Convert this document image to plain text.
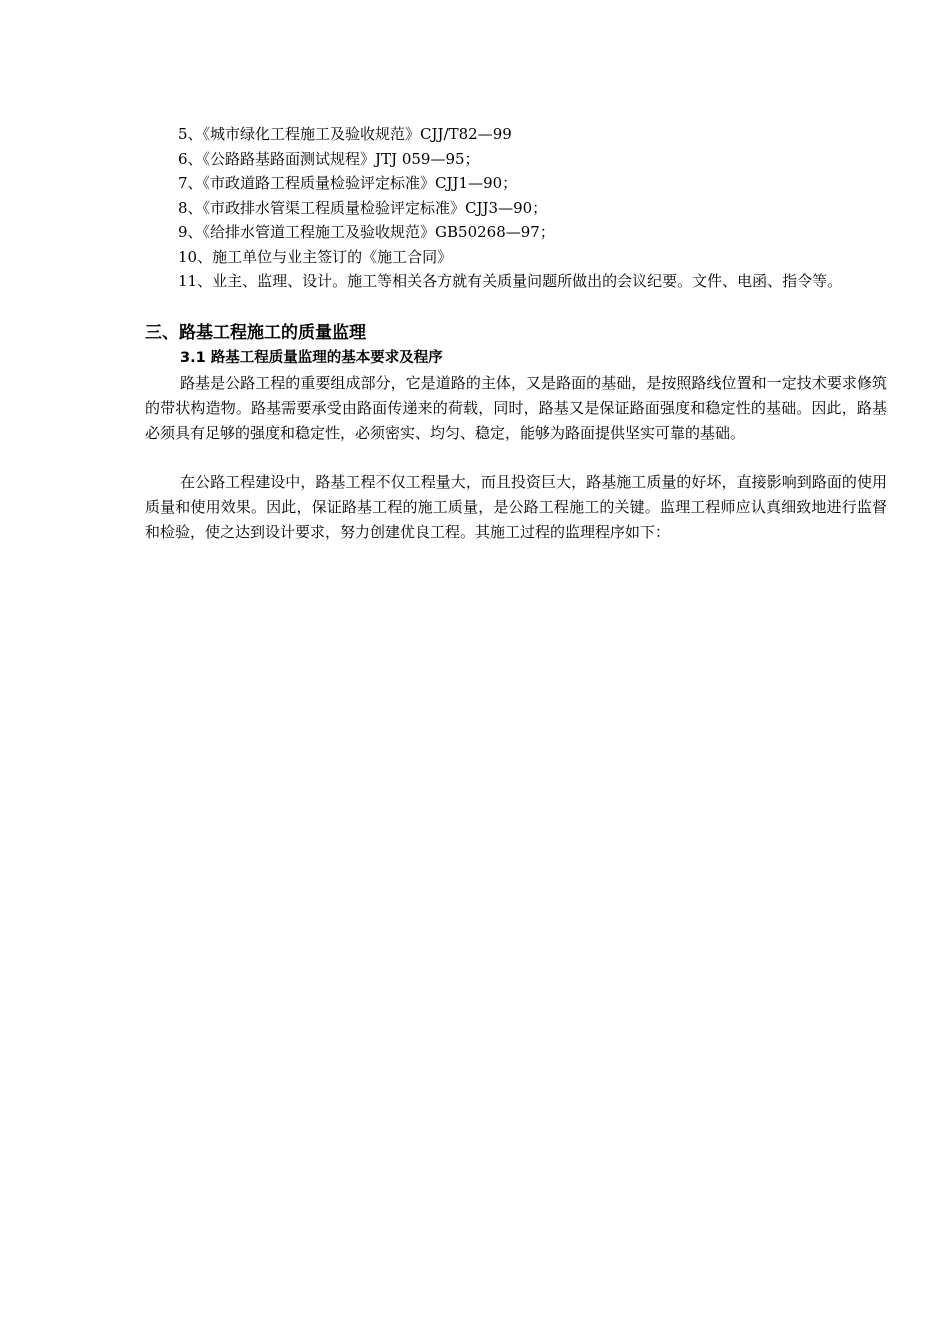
5、《城市绿化工程施工及验收规范》CJJ/T82—99
6、《公路路基路面测试规程》JTJ 059—95；
7、《市政道路工程质量检验评定标准》CJJ1—90；
8、《市政排水管渠工程质量检验评定标准》CJJ3—90；
9、《给排水管道工程施工及验收规范》GB50268—97；
10、施工单位与业主签订的《施工合同》
11、业主、监理、设计。施工等相关各方就有关质量问题所做出的会议纪要。文件、电函、指令等。
三、路基工程施工的质量监理
3.1 路基工程质量监理的基本要求及程序

路基是公路工程的重要组成部分，它是道路的主体，又是路面的基础，是按照路线位置和一定技术要求修筑的带状构造物。路基需要承受由路面传递来的荷载，同时，路基又是保证路面强度和稳定性的基础。因此，路基必须具有足够的强度和稳定性，必须密实、均匀、稳定，能够为路面提供坚实可靠的基础。

在公路工程建设中，路基工程不仅工程量大，而且投资巨大，路基施工质量的好坏，直接影响到路面的使用质量和使用效果。因此，保证路基工程的施工质量，是公路工程施工的关键。监理工程师应认真细致地进行监督和检验，使之达到设计要求，努力创建优良工程。其施工过程的监理程序如下：
